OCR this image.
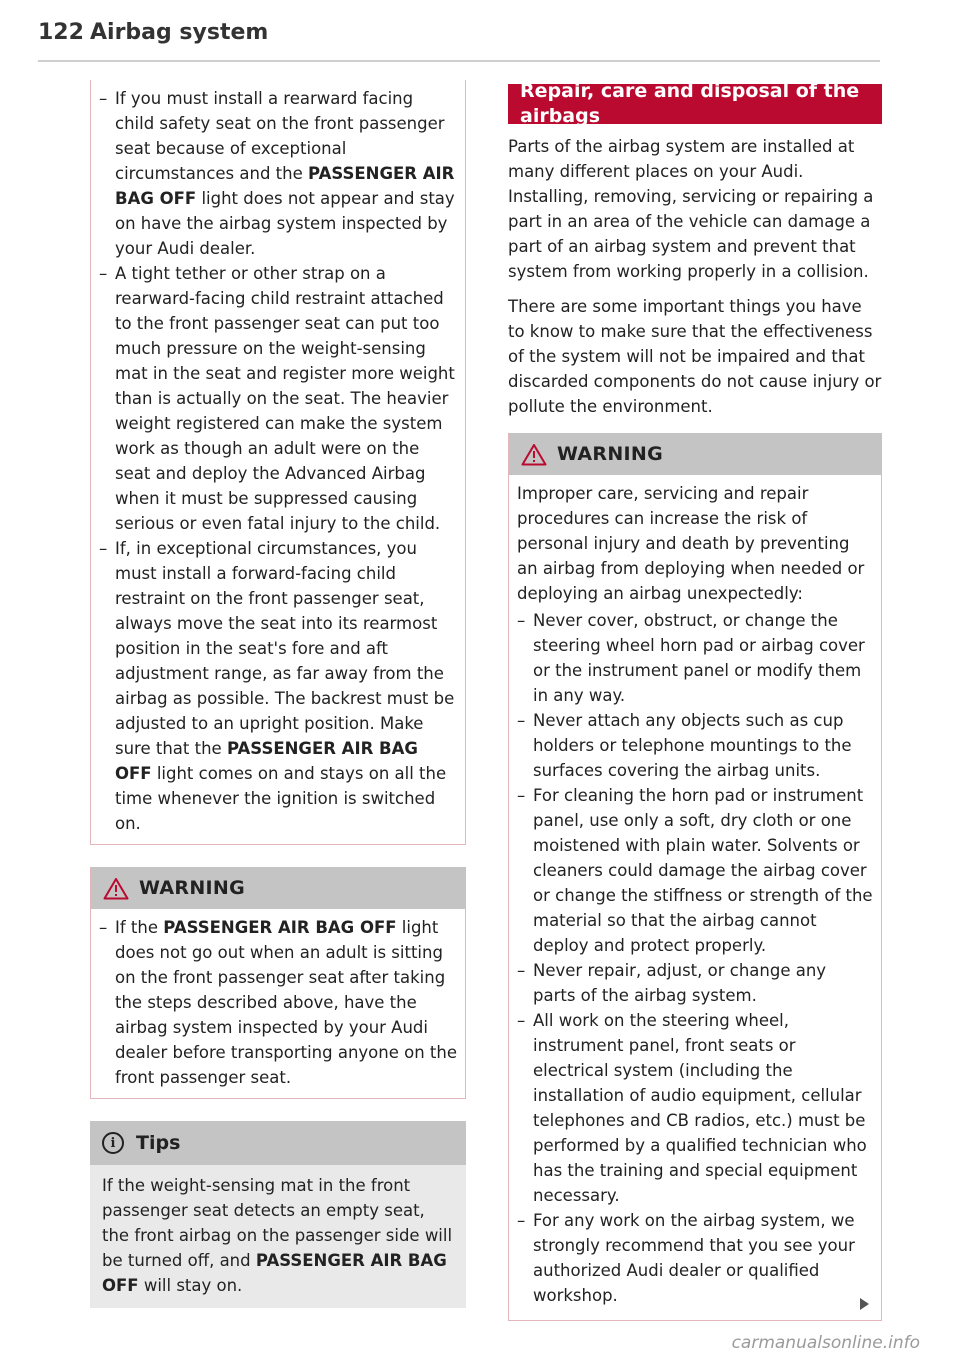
122 Airbag system
– If you must install a rearward facing child safety seat on the front passenger seat because of exceptional circumstances and the PASSENGER AIR BAG OFF light does not appear and stay on have the airbag system inspected by your Audi dealer.
– A tight tether or other strap on a rearward-facing child restraint attached to the front passenger seat can put too much pressure on the weight-sensing mat in the seat and register more weight than is actually on the seat. The heavier weight registered can make the system work as though an adult were on the seat and deploy the Advanced Airbag when it must be suppressed causing serious or even fatal injury to the child.
– If, in exceptional circumstances, you must install a forward-facing child restraint on the front passenger seat, always move the seat into its rearmost position in the seat's fore and aft adjustment range, as far away from the airbag as possible. The backrest must be adjusted to an upright position. Make sure that the PASSENGER AIR BAG OFF light comes on and stays on all the time whenever the ignition is switched on.
WARNING
– If the PASSENGER AIR BAG OFF light does not go out when an adult is sitting on the front passenger seat after taking the steps described above, have the airbag system inspected by your Audi dealer before transporting anyone on the front passenger seat.
i	Tips
If the weight-sensing mat in the front passenger seat detects an empty seat, the front airbag on the passenger side will be turned off, and PASSENGER AIR BAG OFF will stay on.
Repair, care and disposal of the airbags

Parts of the airbag system are installed at many different places on your Audi. Installing, removing, servicing or repairing a part in an area of the vehicle can damage a part of an airbag system and prevent that system from working properly in a collision.

There are some important things you have to know to make sure that the effectiveness of the system will not be impaired and that discarded components do not cause injury or pollute the environment.

WARNING

Improper care, servicing and repair procedures can increase the risk of personal injury and death by preventing an airbag from deploying when needed or deploying an airbag unexpectedly:

– Never cover, obstruct, or change the steering wheel horn pad or airbag cover or the instrument panel or modify them in any way.
– Never attach any objects such as cup holders or telephone mountings to the surfaces covering the airbag units.
– For cleaning the horn pad or instrument panel, use only a soft, dry cloth or one moistened with plain water. Solvents or cleaners could damage the airbag cover or change the stiffness or strength of the material so that the airbag cannot deploy and protect properly.
– Never repair, adjust, or change any parts of the airbag system.
– All work on the steering wheel, instrument panel, front seats or electrical system (including the installation of audio equipment, cellular telephones and CB radios, etc.) must be performed by a qualified technician who has the training and special equipment necessary.
– For any work on the airbag system, we strongly recommend that you see your authorized Audi dealer or qualified workshop.
carmanualsonline.info
